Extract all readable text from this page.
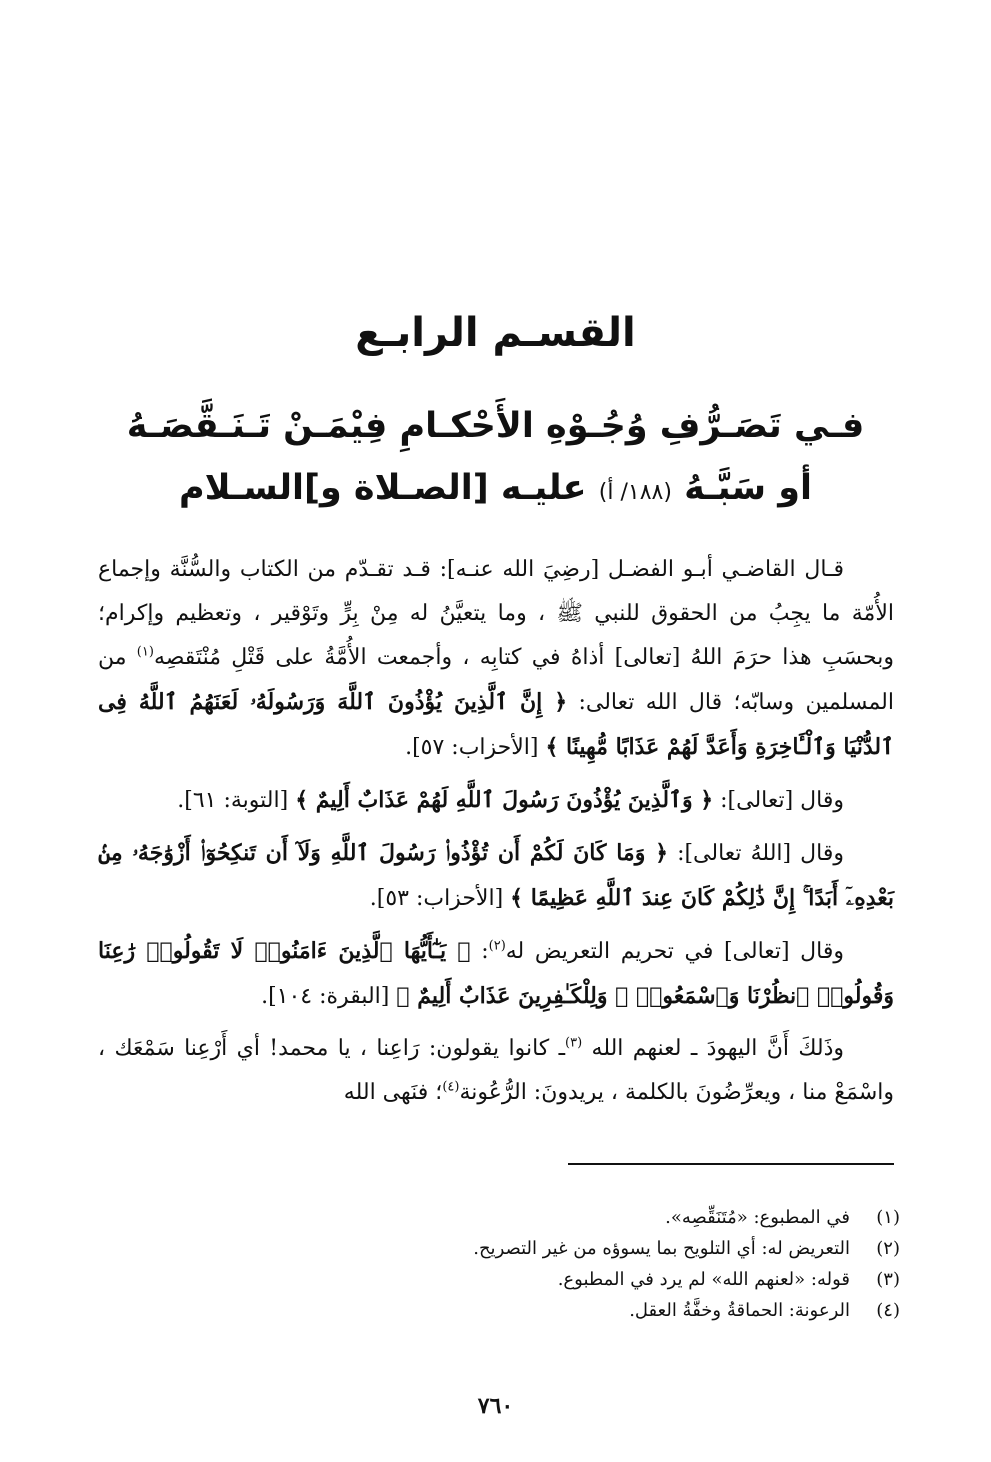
القسـم الرابـع
فـي تَصَـرُّفِ وُجُـوْهِ الأَحْكـامِ فِيْمَـنْ تَـنَـقَّصَـهُ
أو سَبَّـهُ (١٨٨/ أ) عليـه [الصـلاة و]السـلام

قـال القاضـي أبـو الفضـل [رضِيَ الله عنـه]: قـد تقـدّم من الكتاب والسُّنَّة وإجماع الأُمّة ما يجِبُ من الحقوق للنبي ﷺ ، وما يتعيَّنُ له مِنْ بِرٍّ وتَوْقير ، وتعظيم وإكرام؛ وبحسَبِ هذا حرَمَ اللهُ [تعالى] أذاهُ في كتابِه ، وأجمعت الأُمَّةُ على قَتْلِ مُنْتَقصِه$^{(١)}$ من المسلمين وسابّه؛ قال الله تعالى: ﴿ إِنَّ ٱلَّذِينَ يُؤْذُونَ ٱللَّهَ وَرَسُولَهُۥ لَعَنَهُمُ ٱللَّهُ فِى ٱلدُّنْيَا وَٱلْـَٔاخِرَةِ وَأَعَدَّ لَهُمْ عَذَابًا مُّهِينًا ﴾ [الأحزاب: ٥٧].

وقال [تعالى]: ﴿ وَٱلَّذِينَ يُؤْذُونَ رَسُولَ ٱللَّهِ لَهُمْ عَذَابٌ أَلِيمٌ ﴾ [التوبة: ٦١].

وقال [اللهُ تعالى]: ﴿ وَمَا كَانَ لَكُمْ أَن تُؤْذُوا۟ رَسُولَ ٱللَّهِ وَلَآ أَن تَنكِحُوٓا۟ أَزْوَٰجَهُۥ مِنۢ بَعْدِهِۦٓ أَبَدًا ۚ إِنَّ ذَٰلِكُمْ كَانَ عِندَ ٱللَّهِ عَظِيمًا ﴾ [الأحزاب: ٥٣].

وقال [تعالى] في تحريم التعريض له$^{(٢)}$: ﴿ يَـٰٓأَيُّهَا ٱلَّذِينَ ءَامَنُوا۟ لَا تَقُولُوا۟ رَٰعِنَا وَقُولُوا۟ ٱنظُرْنَا وَٱسْمَعُوا۟ ۗ وَلِلْكَـٰفِرِينَ عَذَابٌ أَلِيمٌ ﴾ [البقرة: ١٠٤].

وذَلكَ أَنَّ اليهودَ ـ لعنهم الله $^{(٣)}$ـ كانوا يقولون: رَاعِنا ، يا محمد! أي أَرْعِنا سَمْعَك ، واسْمَعْ منا ، ويعرِّضُونَ بالكلمة ، يريدونَ: الرُّعُونة$^{(٤)}$؛ فنَهى الله

(١)
في المطبوع: «مُتَنَقِّصِه».
(٢)
التعريض له: أي التلويح بما يسوؤه من غير التصريح.
(٣)
قوله: «لعنهم الله» لم يرد في المطبوع.
(٤)
الرعونة: الحماقةُ وخفَّةُ العقل.
٧٦٠
